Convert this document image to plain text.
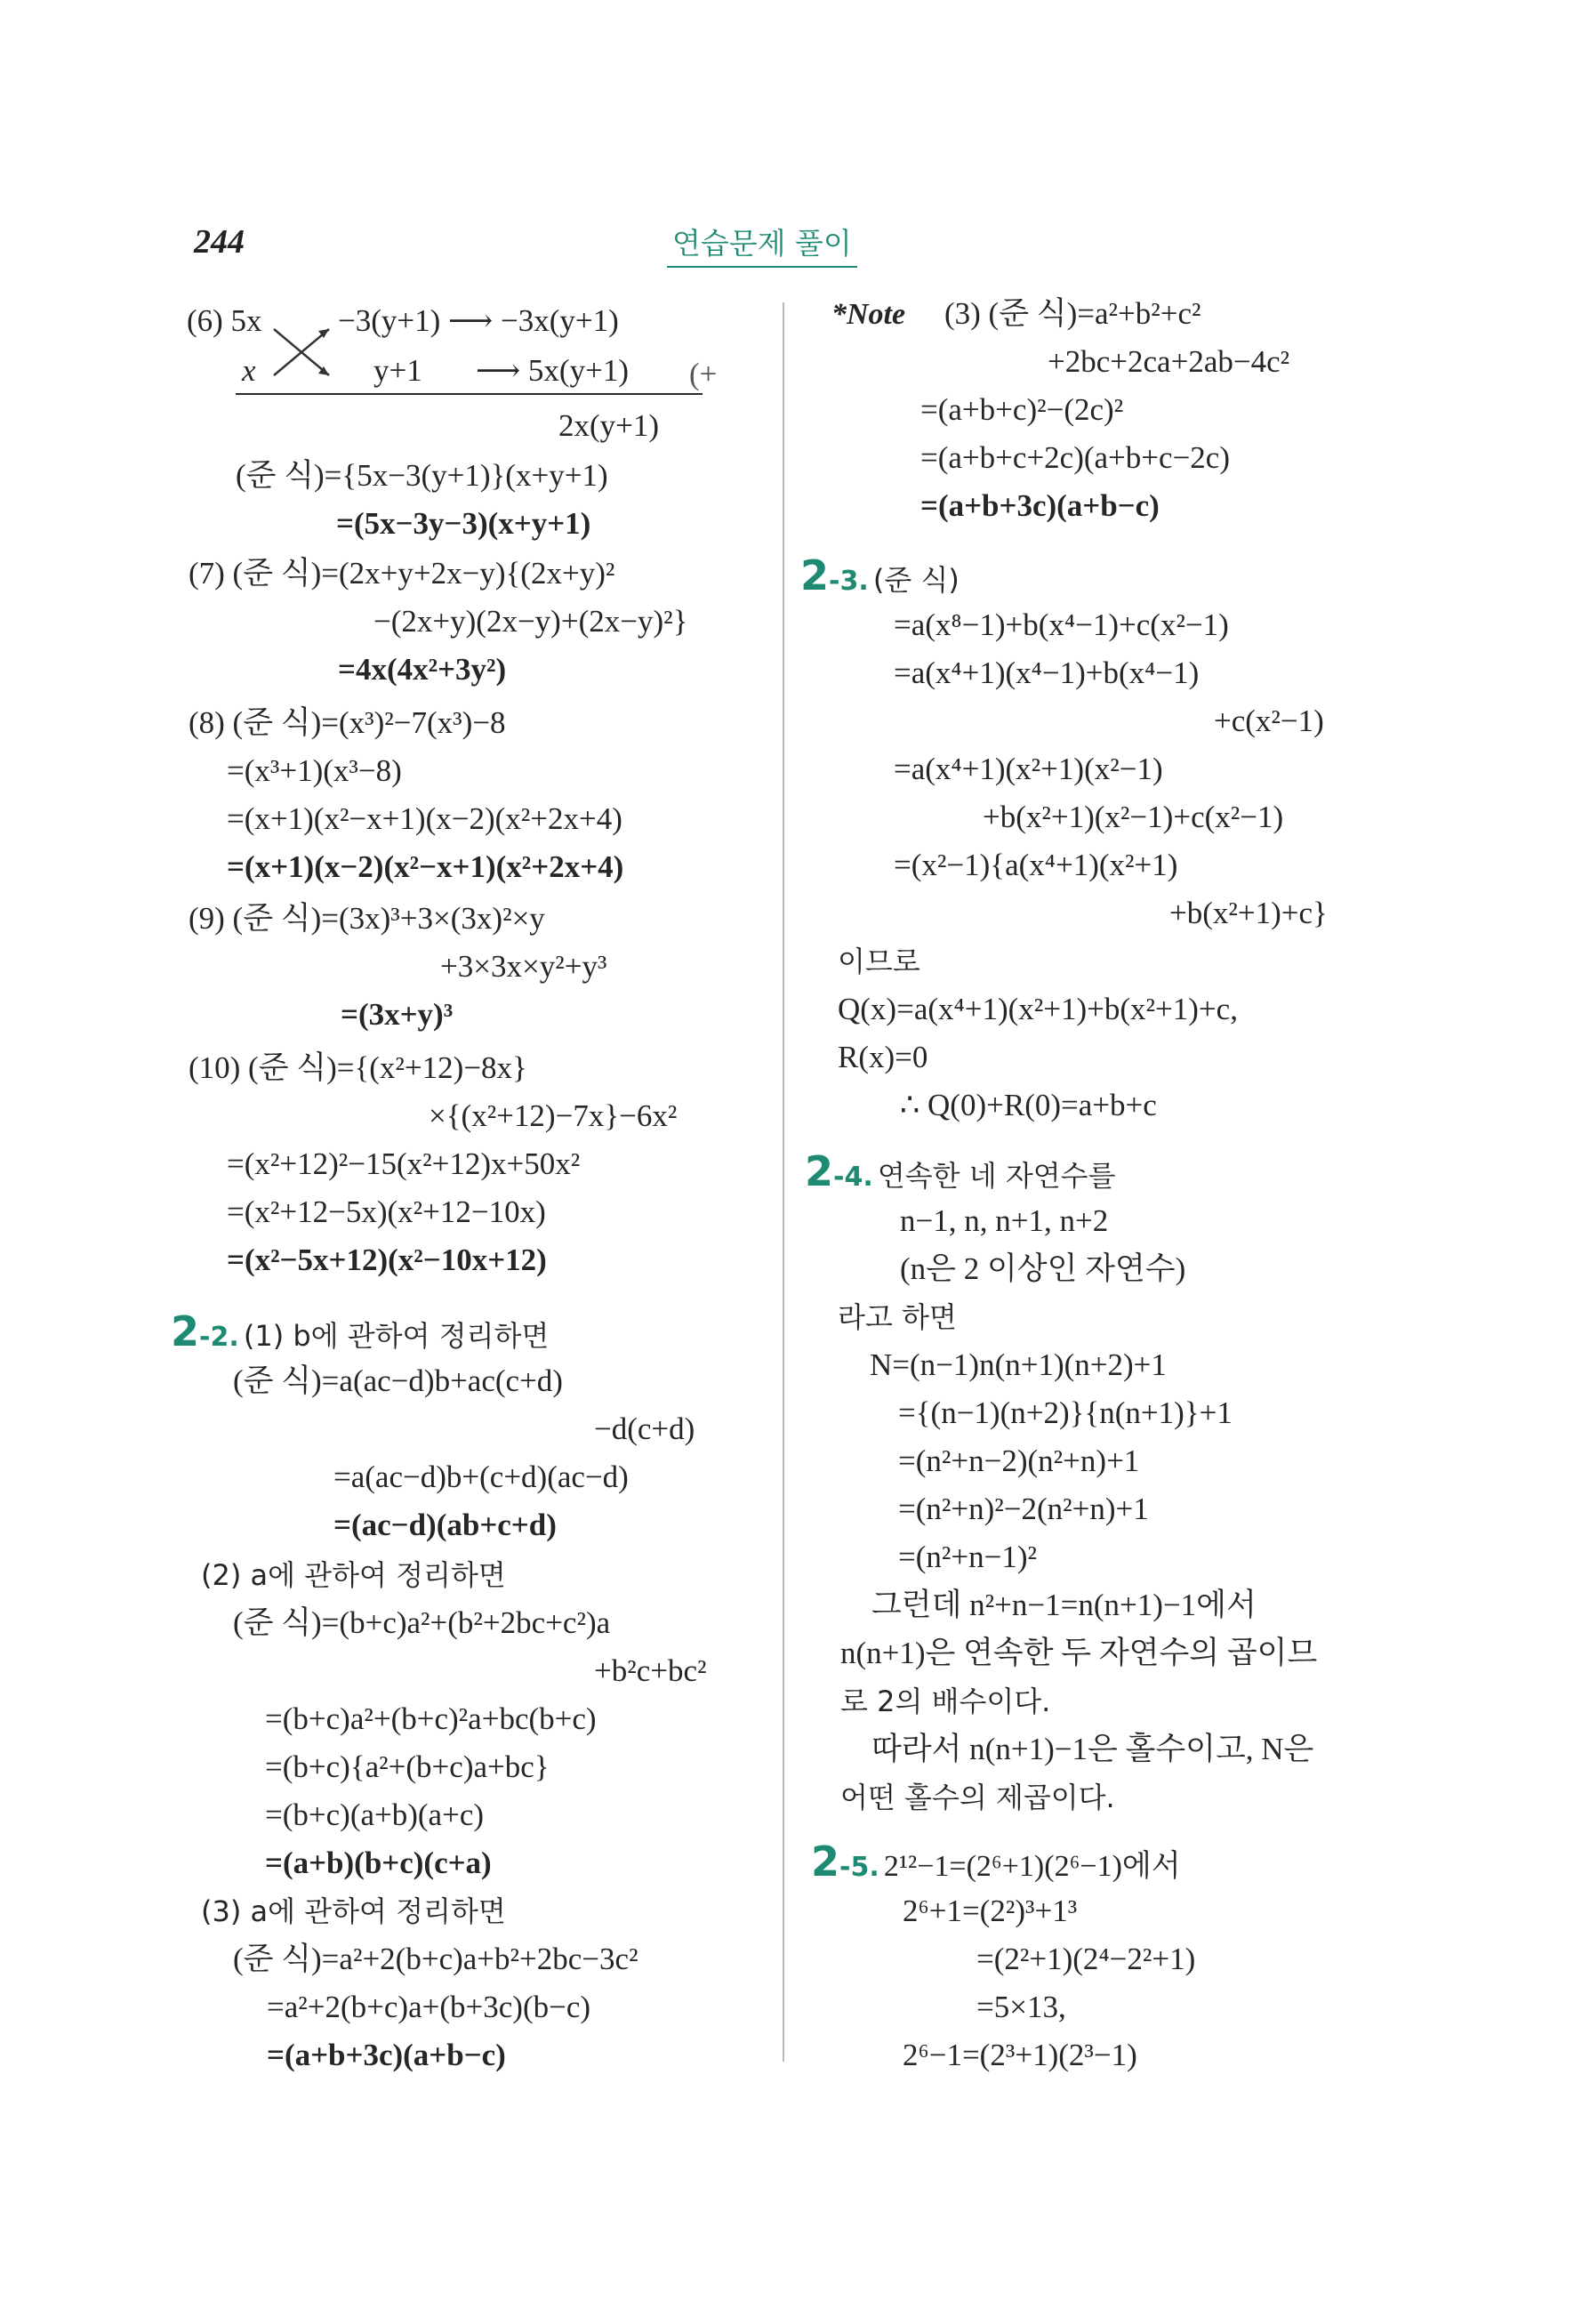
244	연습문제 풀이
(6) 5x
x
−3(y+1) ⟶ −3x(y+1)
y+1 ⟶ 5x(y+1) (+
2x(y+1)
(준 식)={5x−3(y+1)}(x+y+1)
=(5x−3y−3)(x+y+1)
(7) (준 식)=(2x+y+2x−y){(2x+y)²
−(2x+y)(2x−y)+(2x−y)²}
=4x(4x²+3y²)
(8) (준 식)=(x³)²−7(x³)−8
=(x³+1)(x³−8)
=(x+1)(x²−x+1)(x−2)(x²+2x+4)
=(x+1)(x−2)(x²−x+1)(x²+2x+4)
(9) (준 식)=(3x)³+3×(3x)²×y
+3×3x×y²+y³
=(3x+y)³
(10) (준 식)={(x²+12)−8x}
×{(x²+12)−7x}−6x²
=(x²+12)²−15(x²+12)x+50x²
=(x²+12−5x)(x²+12−10x)
=(x²−5x+12)(x²−10x+12)
2-2. (1) b에 관하여 정리하면
(준 식)=a(ac−d)b+ac(c+d)
−d(c+d)
=a(ac−d)b+(c+d)(ac−d)
=(ac−d)(ab+c+d)
(2) a에 관하여 정리하면
(준 식)=(b+c)a²+(b²+2bc+c²)a
+b²c+bc²
=(b+c)a²+(b+c)²a+bc(b+c)
=(b+c){a²+(b+c)a+bc}
=(b+c)(a+b)(a+c)
=(a+b)(b+c)(c+a)
(3) a에 관하여 정리하면
(준 식)=a²+2(b+c)a+b²+2bc−3c²
=a²+2(b+c)a+(b+3c)(b−c)
=(a+b+3c)(a+b−c)
*Note (3) (준 식)=a²+b²+c²
+2bc+2ca+2ab−4c²
=(a+b+c)²−(2c)²
=(a+b+c+2c)(a+b+c−2c)
=(a+b+3c)(a+b−c)
2-3. (준 식)
=a(x⁸−1)+b(x⁴−1)+c(x²−1)
=a(x⁴+1)(x⁴−1)+b(x⁴−1)
+c(x²−1)
=a(x⁴+1)(x²+1)(x²−1)
+b(x²+1)(x²−1)+c(x²−1)
=(x²−1){a(x⁴+1)(x²+1)
+b(x²+1)+c}
이므로
Q(x)=a(x⁴+1)(x²+1)+b(x²+1)+c,
R(x)=0
∴ Q(0)+R(0)=a+b+c
2-4. 연속한 네 자연수를
n−1, n, n+1, n+2
(n은 2 이상인 자연수)
라고 하면
N=(n−1)n(n+1)(n+2)+1
={(n−1)(n+2)}{n(n+1)}+1
=(n²+n−2)(n²+n)+1
=(n²+n)²−2(n²+n)+1
=(n²+n−1)²
그런데 n²+n−1=n(n+1)−1에서
n(n+1)은 연속한 두 자연수의 곱이므
로 2의 배수이다.
따라서 n(n+1)−1은 홀수이고, N은
어떤 홀수의 제곱이다.
2-5. 2¹²−1=(2⁶+1)(2⁶−1)에서
2⁶+1=(2²)³+1³
=(2²+1)(2⁴−2²+1)
=5×13,
2⁶−1=(2³+1)(2³−1)
